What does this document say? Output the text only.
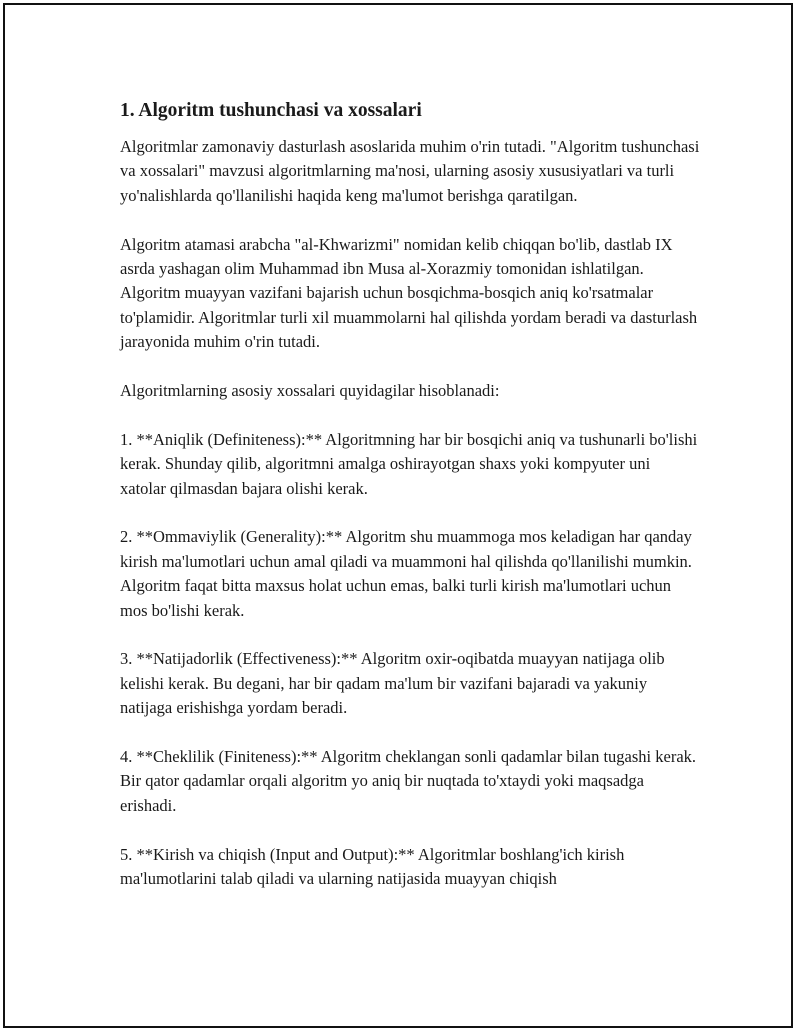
1. Algoritm tushunchasi va xossalari

Algoritmlar zamonaviy dasturlash asoslarida muhim o'rin tutadi. "Algoritm tushunchasi va xossalari" mavzusi algoritmlarning ma'nosi, ularning asosiy xususiyatlari va turli yo'nalishlarda qo'llanilishi haqida keng ma'lumot berishga qaratilgan.

Algoritm atamasi arabcha "al-Khwarizmi" nomidan kelib chiqqan bo'lib, dastlab IX asrda yashagan olim Muhammad ibn Musa al-Xorazmiy tomonidan ishlatilgan. Algoritm muayyan vazifani bajarish uchun bosqichma-bosqich aniq ko'rsatmalar to'plamidir. Algoritmlar turli xil muammolarni hal qilishda yordam beradi va dasturlash jarayonida muhim o'rin tutadi.

Algoritmlarning asosiy xossalari quyidagilar hisoblanadi:

1. **Aniqlik (Definiteness):** Algoritmning har bir bosqichi aniq va tushunarli bo'lishi kerak. Shunday qilib, algoritmni amalga oshirayotgan shaxs yoki kompyuter uni xatolar qilmasdan bajara olishi kerak.

2. **Ommaviylik (Generality):** Algoritm shu muammoga mos keladigan har qanday kirish ma'lumotlari uchun amal qiladi va muammoni hal qilishda qo'llanilishi mumkin. Algoritm faqat bitta maxsus holat uchun emas, balki turli kirish ma'lumotlari uchun mos bo'lishi kerak.

3. **Natijadorlik (Effectiveness):** Algoritm oxir-oqibatda muayyan natijaga olib kelishi kerak. Bu degani, har bir qadam ma'lum bir vazifani bajaradi va yakuniy natijaga erishishga yordam beradi.

4. **Cheklilik (Finiteness):** Algoritm cheklangan sonli qadamlar bilan tugashi kerak. Bir qator qadamlar orqali algoritm yo aniq bir nuqtada to'xtaydi yoki maqsadga erishadi.

5. **Kirish va chiqish (Input and Output):** Algoritmlar boshlang'ich kirish ma'lumotlarini talab qiladi va ularning natijasida muayyan chiqish
